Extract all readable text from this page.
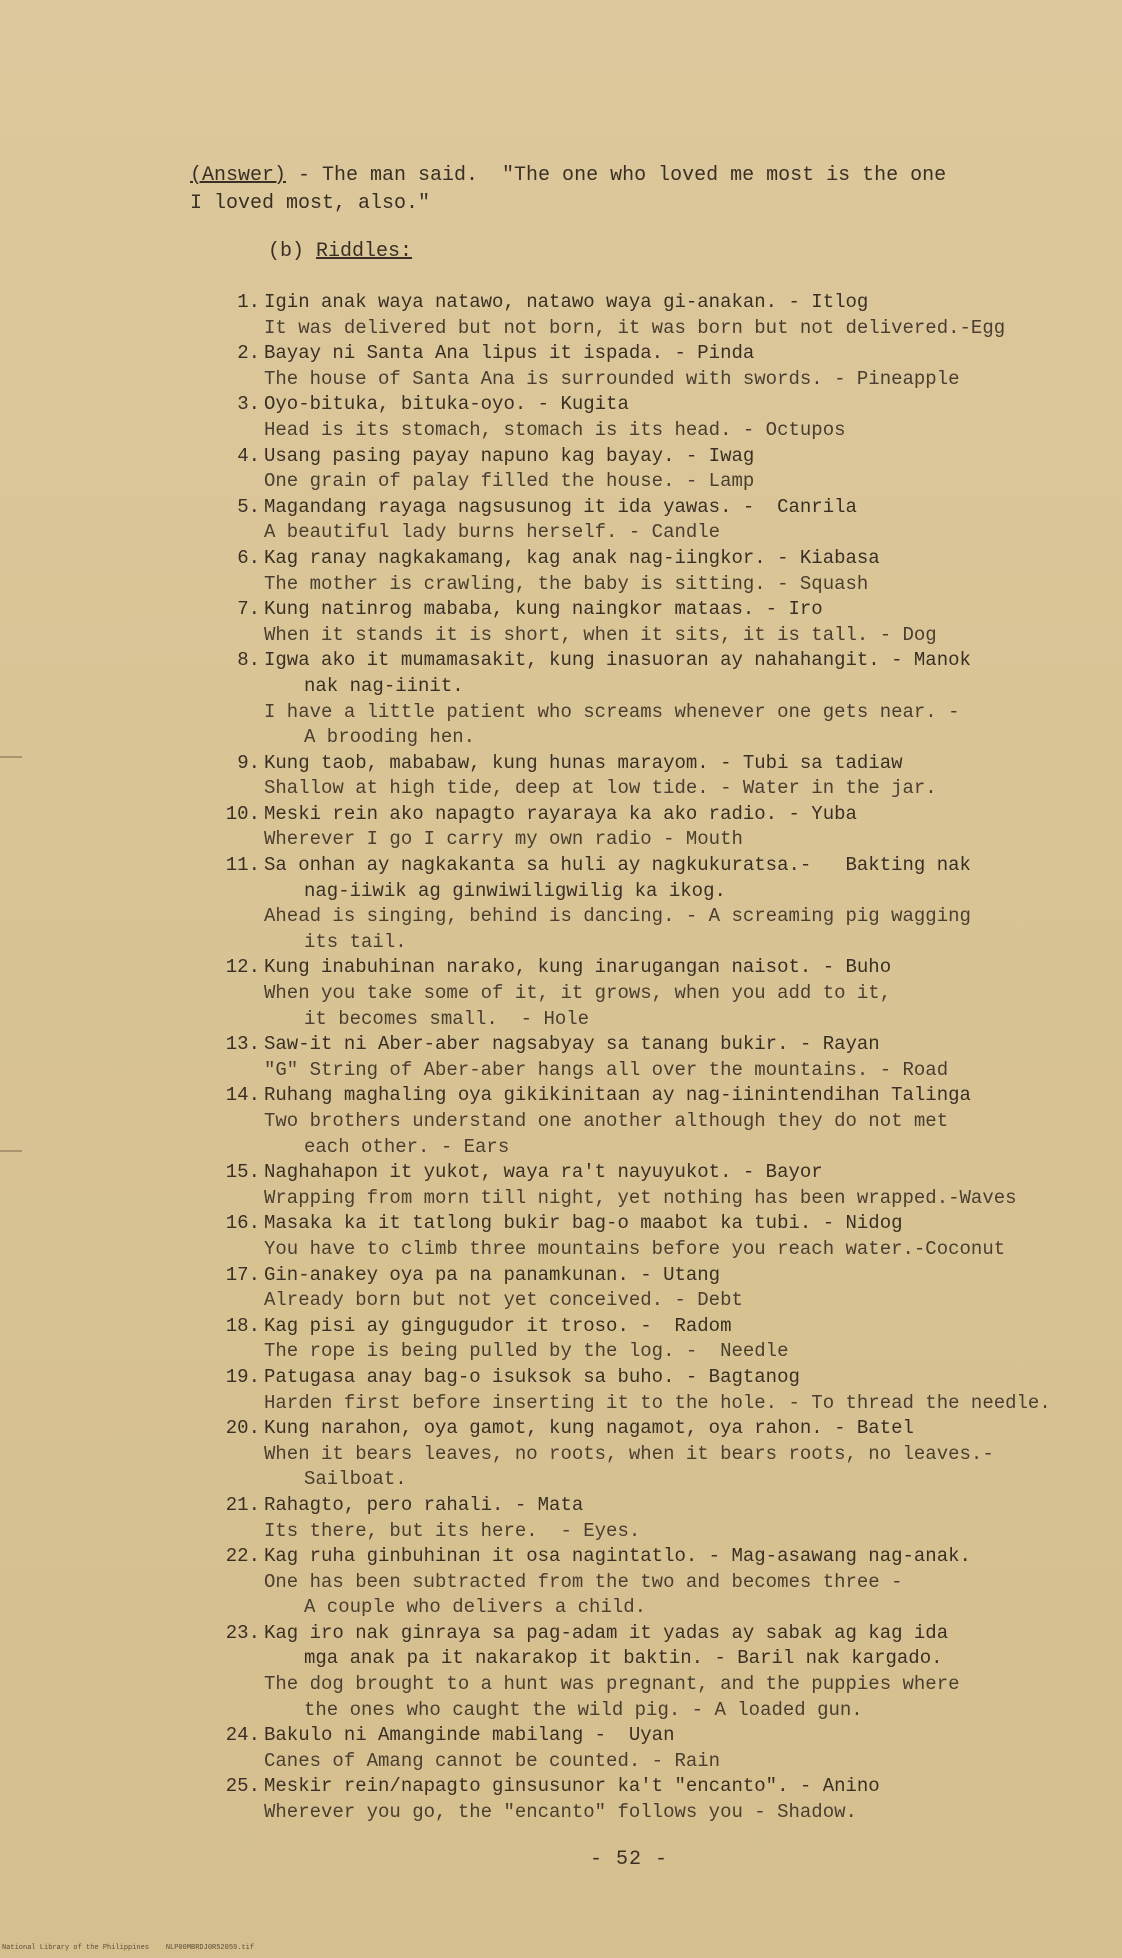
(Answer) - The man said.  "The one who loved me most is the one
I loved most, also."
(b) Riddles:
1. Igin anak waya natawo, natawo waya gi-anakan. - Itlog
It was delivered but not born, it was born but not delivered.-Egg
2. Bayay ni Santa Ana lipus it ispada. - Pinda
The house of Santa Ana is surrounded with swords. - Pineapple
3. Oyo-bituka, bituka-oyo. - Kugita
Head is its stomach, stomach is its head. - Octupos
4. Usang pasing payay napuno kag bayay. - Iwag
One grain of palay filled the house. - Lamp
5. Magandang rayaga nagsusunog it ida yawas. -  Canrila
A beautiful lady burns herself. - Candle
6. Kag ranay nagkakamang, kag anak nag-iingkor. - Kiabasa
The mother is crawling, the baby is sitting. - Squash
7. Kung natinrog mababa, kung naingkor mataas. - Iro
When it stands it is short, when it sits, it is tall. - Dog
8. Igwa ako it mumamasakit, kung inasuoran ay nahahangit. - Manok
nak nag-iinit.
I have a little patient who screams whenever one gets near. -
A brooding hen.
9. Kung taob, mababaw, kung hunas marayom. - Tubi sa tadiaw
Shallow at high tide, deep at low tide. - Water in the jar.
10. Meski rein ako napagto rayaraya ka ako radio. - Yuba
Wherever I go I carry my own radio - Mouth
11. Sa onhan ay nagkakanta sa huli ay nagkukuratsa.-   Bakting nak
nag-iiwik ag ginwiwiligwilig ka ikog.
Ahead is singing, behind is dancing. - A screaming pig wagging
its tail.
12. Kung inabuhinan narako, kung inarugangan naisot. - Buho
When you take some of it, it grows, when you add to it,
it becomes small.  - Hole
13. Saw-it ni Aber-aber nagsabyay sa tanang bukir. - Rayan
"G" String of Aber-aber hangs all over the mountains. - Road
14. Ruhang maghaling oya gikikinitaan ay nag-iinintendihan Talinga
Two brothers understand one another although they do not met
each other. - Ears
15. Naghahapon it yukot, waya ra't nayuyukot. - Bayor
Wrapping from morn till night, yet nothing has been wrapped.-Waves
16. Masaka ka it tatlong bukir bag-o maabot ka tubi. - Nidog
You have to climb three mountains before you reach water.-Coconut
17. Gin-anakey oya pa na panamkunan. - Utang
Already born but not yet conceived. - Debt
18. Kag pisi ay gingugudor it troso. -  Radom
The rope is being pulled by the log. -  Needle
19. Patugasa anay bag-o isuksok sa buho. - Bagtanog
Harden first before inserting it to the hole. - To thread the needle.
20. Kung narahon, oya gamot, kung nagamot, oya rahon. - Batel
When it bears leaves, no roots, when it bears roots, no leaves.-
Sailboat.
21. Rahagto, pero rahali. - Mata
Its there, but its here.  - Eyes.
22. Kag ruha ginbuhinan it osa nagintatlo. - Mag-asawang nag-anak.
One has been subtracted from the two and becomes three -
A couple who delivers a child.
23. Kag iro nak ginraya sa pag-adam it yadas ay sabak ag kag ida
mga anak pa it nakarakop it baktin. - Baril nak kargado.
The dog brought to a hunt was pregnant, and the puppies where
the ones who caught the wild pig. - A loaded gun.
24. Bakulo ni Amanginde mabilang -  Uyan
Canes of Amang cannot be counted. - Rain
25. Meskir rein/napagto ginsusunor ka't "encanto". - Anino
Wherever you go, the "encanto" follows you - Shadow.
- 52 -
National Library of the Philippines    NLP00MBRDJ0R52059.tif
